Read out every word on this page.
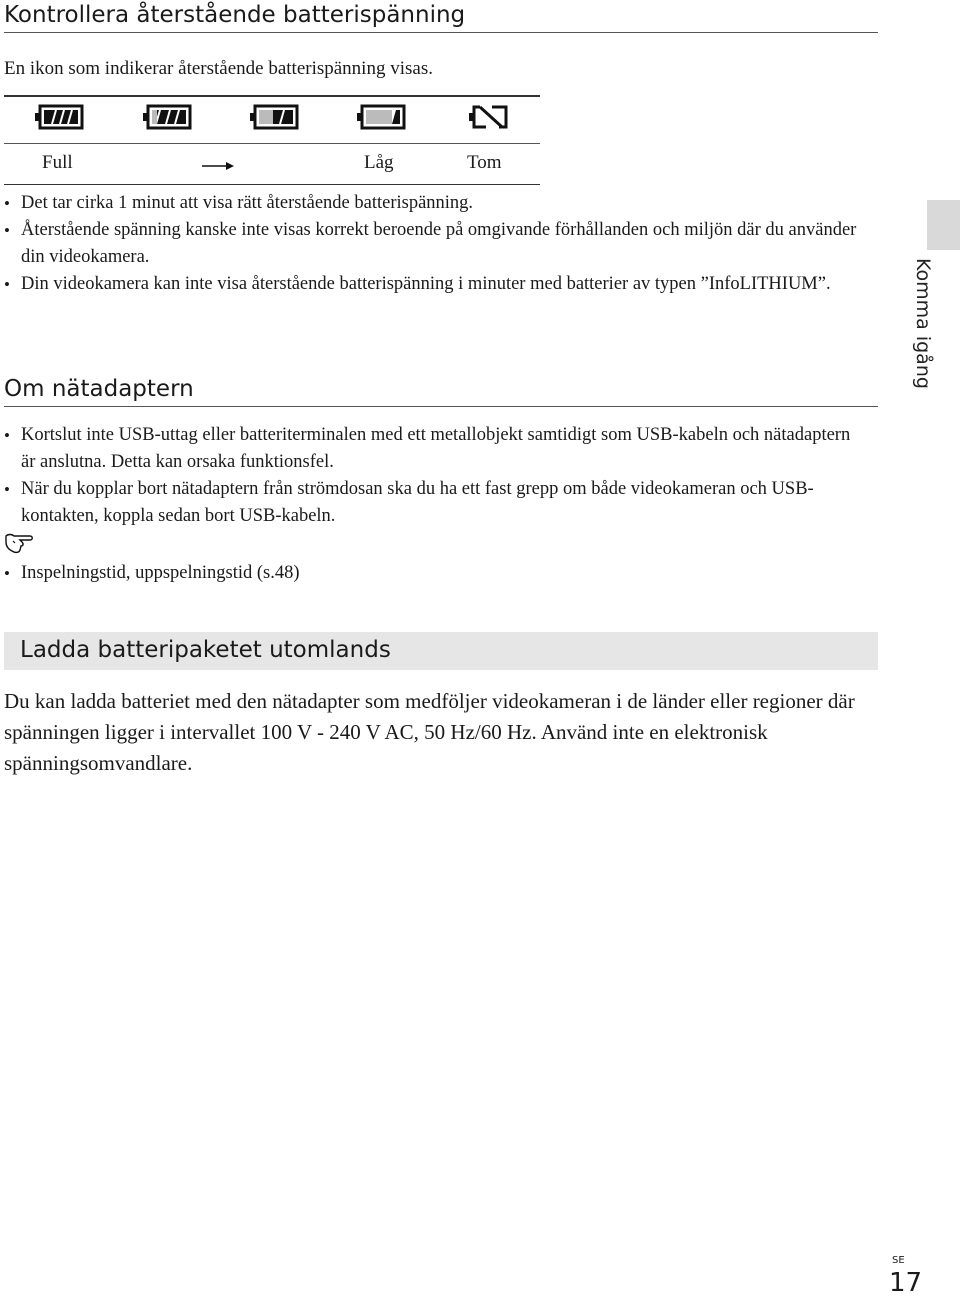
Kontrollera återstående batterispänning
En ikon som indikerar återstående batterispänning visas.
Full	Låg	Tom
• Det tar cirka 1 minut att visa rätt återstående batterispänning.
• Återstående spänning kanske inte visas korrekt beroende på omgivande förhållanden och miljön där du använder din videokamera.
• Din videokamera kan inte visa återstående batterispänning i minuter med batterier av typen ”InfoLITHIUM”.	Komma igång
Om nätadaptern
• Kortslut inte USB-uttag eller batteriterminalen med ett metallobjekt samtidigt som USB-kabeln och nätadaptern är anslutna. Detta kan orsaka funktionsfel.
• När du kopplar bort nätadaptern från strömdosan ska du ha ett fast grepp om både videokameran och USB-kontakten, koppla sedan bort USB-kabeln.
• Inspelningstid, uppspelningstid (s.48)
Ladda batteripaketet utomlands
Du kan ladda batteriet med den nätadapter som medföljer videokameran i de länder eller regioner där spänningen ligger i intervallet 100 V - 240 V AC, 50 Hz/60 Hz. Använd inte en elektronisk spänningsomvandlare.
SE
17
